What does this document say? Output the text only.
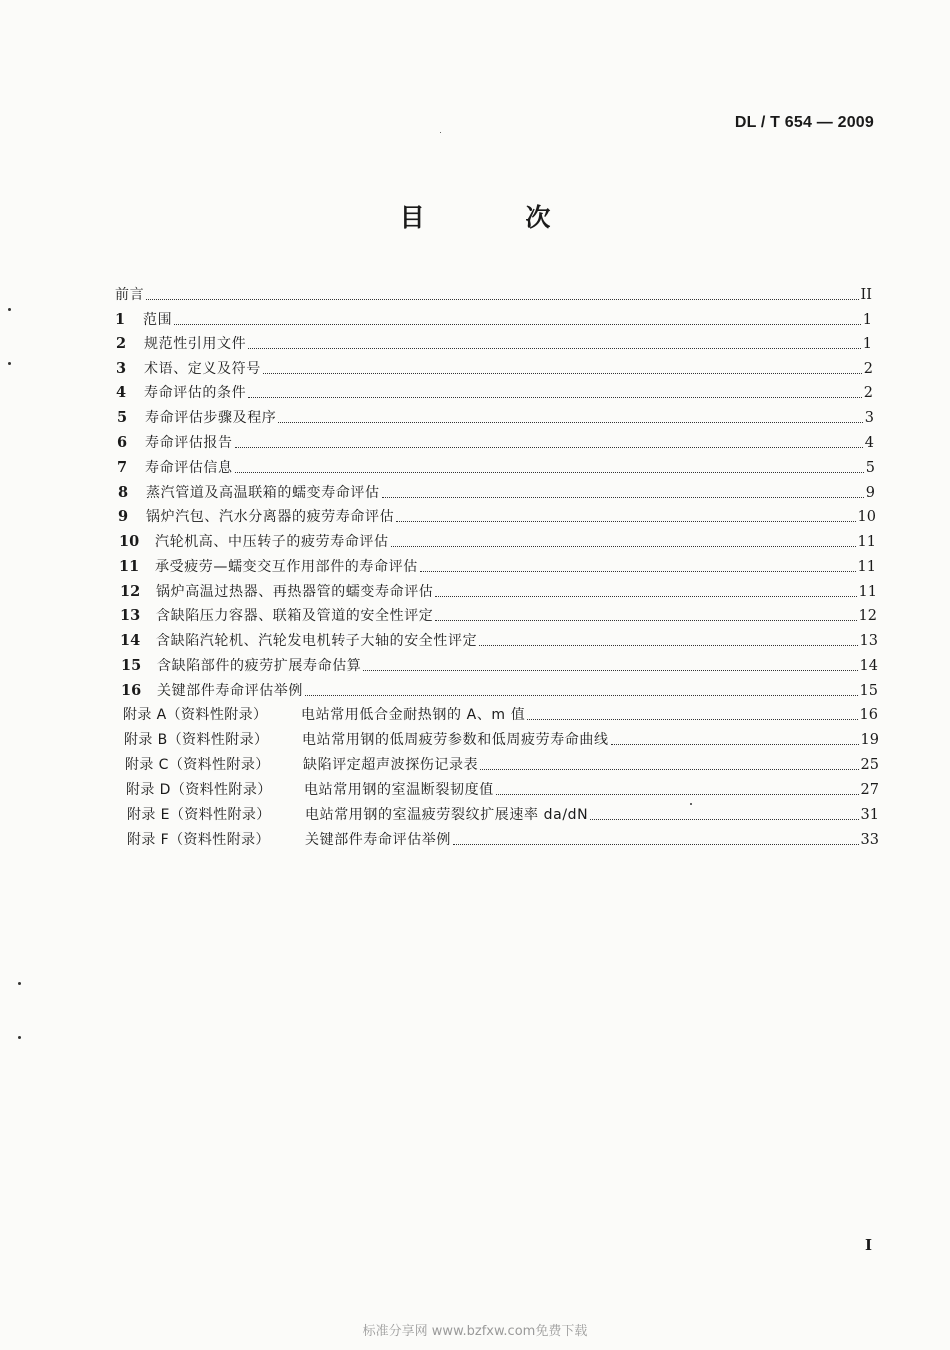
DL / T 654 — 2009
目 次
前言	II
1	范围	1
2	规范性引用文件	1
3	术语、定义及符号	2
4	寿命评估的条件	2
5	寿命评估步骤及程序	3
6	寿命评估报告	4
7	寿命评估信息	5
8	蒸汽管道及高温联箱的蠕变寿命评估	9
9	锅炉汽包、汽水分离器的疲劳寿命评估	10
10	汽轮机高、中压转子的疲劳寿命评估	11
11	承受疲劳—蠕变交互作用部件的寿命评估	11
12	锅炉高温过热器、再热器管的蠕变寿命评估	11
13	含缺陷压力容器、联箱及管道的安全性评定	12
14	含缺陷汽轮机、汽轮发电机转子大轴的安全性评定	13
15	含缺陷部件的疲劳扩展寿命估算	14
16	关键部件寿命评估举例	15
附录 A（资料性附录）	电站常用低合金耐热钢的 A、m 值	16
附录 B（资料性附录）	电站常用钢的低周疲劳参数和低周疲劳寿命曲线	19
附录 C（资料性附录）	缺陷评定超声波探伤记录表	25
附录 D（资料性附录）	电站常用钢的室温断裂韧度值	27
附录 E（资料性附录）	电站常用钢的室温疲劳裂纹扩展速率 da/dN	31
附录 F（资料性附录）	关键部件寿命评估举例	33
I
标准分享网 www.bzfxw.com免费下载
